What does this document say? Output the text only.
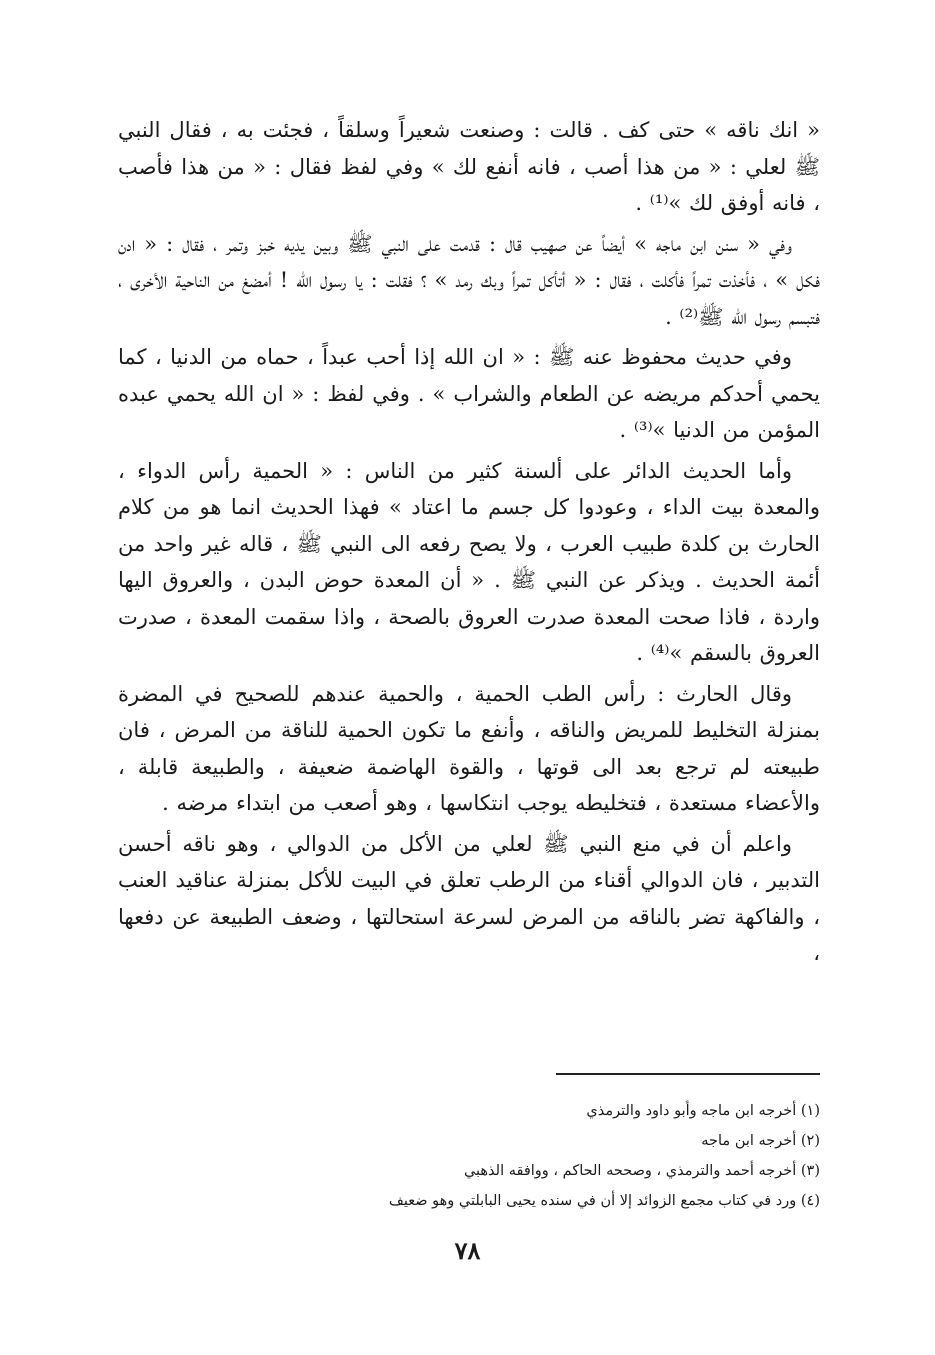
« انك ناقه » حتى كف . قالت : وصنعت شعيراً وسلقاً ، فجئت به ، فقال النبي ﷺ لعلي : « من هذا أصب ، فانه أنفع لك » وفي لفظ فقال : « من هذا فأصب ، فانه أوفق لك »⁽¹⁾ .

وفي « سنن ابن ماجه » أيضاً عن صهيب قال : قدمت على النبي ﷺ وبين يديه خبز وتمر ، فقال : « ادن فكل » ، فأخذت تمراً فأكلت ، فقال : « أتأكل تمراً وبك رمد » ؟ فقلت : يا رسول الله ! أمضغ من الناحية الأخرى ، فتبسم رسول الله ﷺ⁽²⁾ .

وفي حديث محفوظ عنه ﷺ : « ان الله إذا أحب عبداً ، حماه من الدنيا ، كما يحمي أحدكم مريضه عن الطعام والشراب » . وفي لفظ : « ان الله يحمي عبده المؤمن من الدنيا »⁽³⁾ .

وأما الحديث الدائر على ألسنة كثير من الناس : « الحمية رأس الدواء ، والمعدة بيت الداء ، وعودوا كل جسم ما اعتاد » فهذا الحديث انما هو من كلام الحارث بن كلدة طبيب العرب ، ولا يصح رفعه الى النبي ﷺ ، قاله غير واحد من أئمة الحديث . ويذكر عن النبي ﷺ . « أن المعدة حوض البدن ، والعروق اليها واردة ، فاذا صحت المعدة صدرت العروق بالصحة ، واذا سقمت المعدة ، صدرت العروق بالسقم »⁽⁴⁾ .

وقال الحارث : رأس الطب الحمية ، والحمية عندهم للصحيح في المضرة بمنزلة التخليط للمريض والناقه ، وأنفع ما تكون الحمية للناقة من المرض ، فان طبيعته لم ترجع بعد الى قوتها ، والقوة الهاضمة ضعيفة ، والطبيعة قابلة ، والأعضاء مستعدة ، فتخليطه يوجب انتكاسها ، وهو أصعب من ابتداء مرضه .

واعلم أن في منع النبي ﷺ لعلي من الأكل من الدوالي ، وهو ناقه أحسن التدبير ، فان الدوالي أقناء من الرطب تعلق في البيت للأكل بمنزلة عناقيد العنب ، والفاكهة تضر بالناقه من المرض لسرعة استحالتها ، وضعف الطبيعة عن دفعها ،

(١) أخرجه ابن ماجه وأبو داود والترمذي

(٢) أخرجه ابن ماجه

(٣) أخرجه أحمد والترمذي ، وصححه الحاكم ، ووافقه الذهبي

(٤) ورد في كتاب مجمع الزوائد إلا أن في سنده يحيى البابلتي وهو ضعيف

٧٨
